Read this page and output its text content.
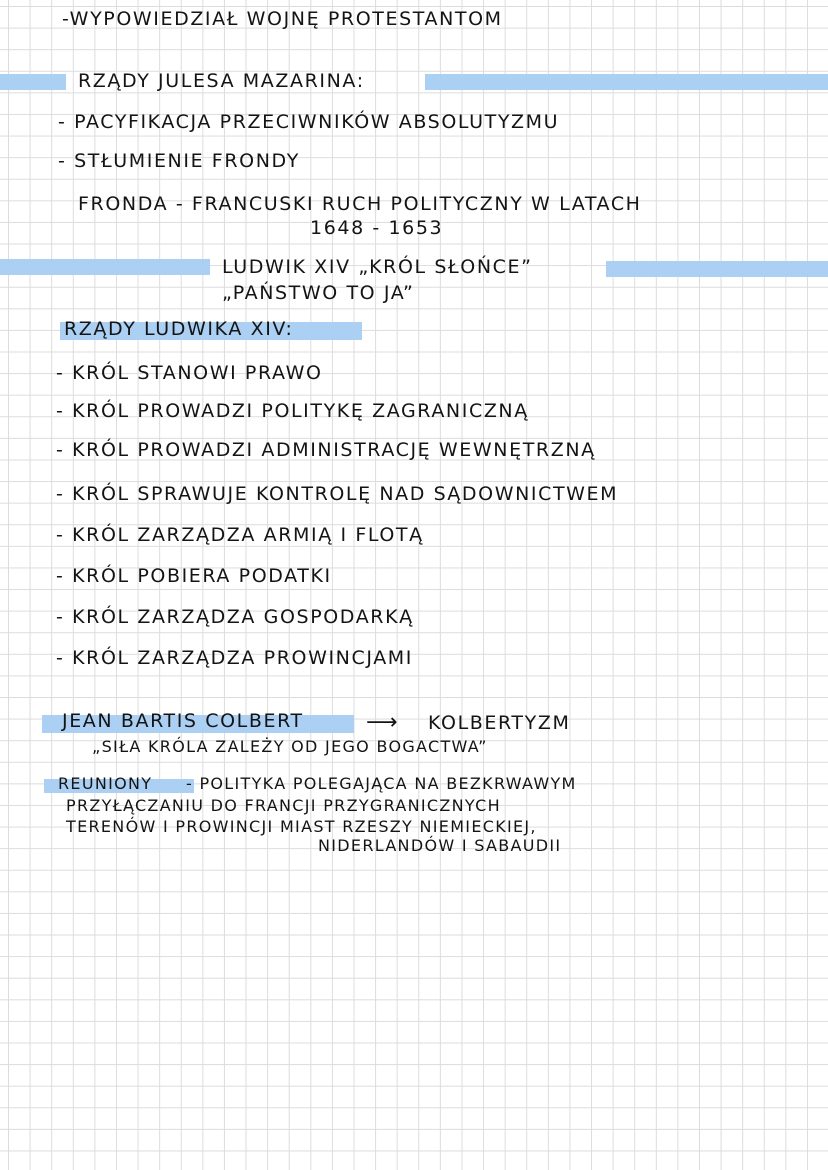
-WYPOWIEDZIAŁ WOJNĘ PROTESTANTOM
RZĄDY JULESA MAZARINA:
- PACYFIKACJA PRZECIWNIKÓW ABSOLUTYZMU
- STŁUMIENIE FRONDY
FRONDA - FRANCUSKI RUCH POLITYCZNY W LATACH
1648 - 1653
LUDWIK XIV „KRÓL SŁOŃCE”
„PAŃSTWO TO JA”
RZĄDY LUDWIKA XIV:
- KRÓL STANOWI PRAWO
- KRÓL PROWADZI POLITYKĘ ZAGRANICZNĄ
- KRÓL PROWADZI ADMINISTRACJĘ WEWNĘTRZNĄ
- KRÓL SPRAWUJE KONTROLĘ NAD SĄDOWNICTWEM
- KRÓL ZARZĄDZA ARMIĄ I FLOTĄ
- KRÓL POBIERA PODATKI
- KRÓL ZARZĄDZA GOSPODARKĄ
- KRÓL ZARZĄDZA PROWINCJAMI
JEAN BARTIS COLBERT	⟶ KOLBERTYZM
„SIŁA KRÓLA ZALEŻY OD JEGO BOGACTWA”
REUNIONY - POLITYKA POLEGAJĄCA NA BEZKRWAWYM
PRZYŁĄCZANIU DO FRANCJI PRZYGRANICZNYCH
TERENÓW I PROWINCJI MIAST RZESZY NIEMIECKIEJ,
NIDERLANDÓW I SABAUDII
